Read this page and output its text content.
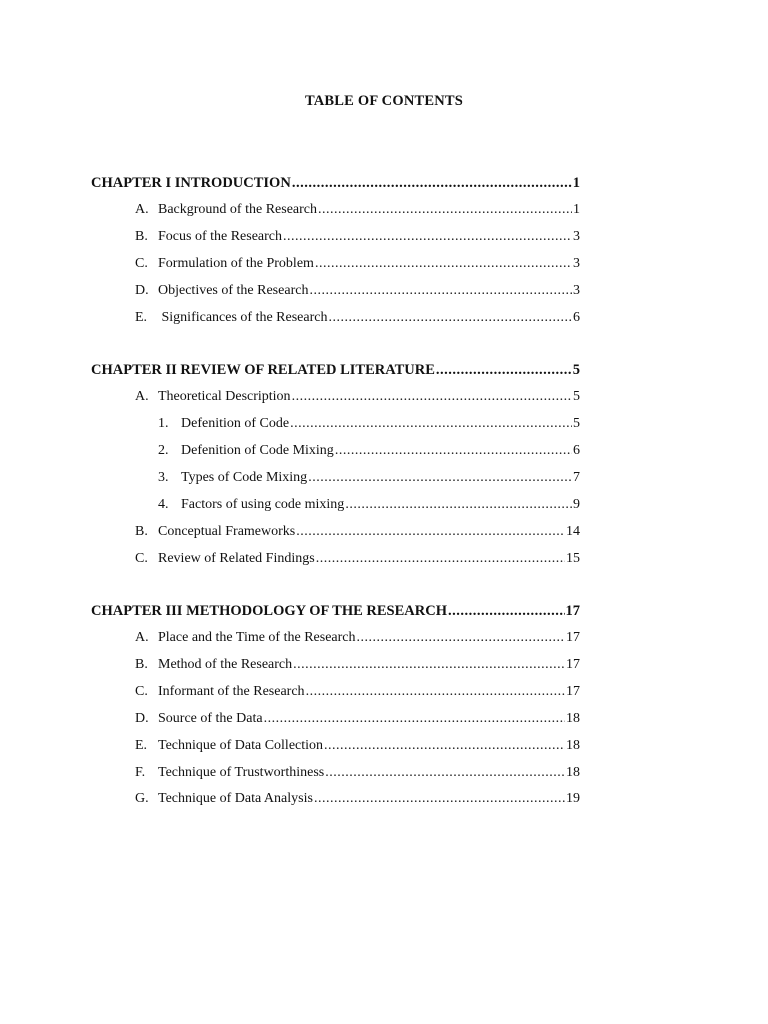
TABLE OF CONTENTS
CHAPTER I INTRODUCTION .....	1
A. Background of the Research .....	1
B. Focus of the Research .....	3
C. Formulation of the Problem .....	3
D. Objectives of the Research .....	3
E. Significances of the Research .....	6
CHAPTER II REVIEW OF RELATED LITERATURE .....	5
A. Theoretical Description .....	5
1. Defenition of Code .....	5
2. Defenition of Code Mixing .....	6
3. Types of Code Mixing .....	7
4. Factors of using code mixing .....	9
B. Conceptual Frameworks .....	14
C. Review of Related Findings .....	15
CHAPTER III METHODOLOGY OF THE RESEARCH .....	17
A. Place and the Time of the Research .....	17
B. Method of the Research .....	17
C. Informant of the Research .....	17
D. Source of the Data .....	18
E. Technique of Data Collection .....	18
F. Technique of Trustworthiness .....	18
G. Technique of Data Analysis .....	19
